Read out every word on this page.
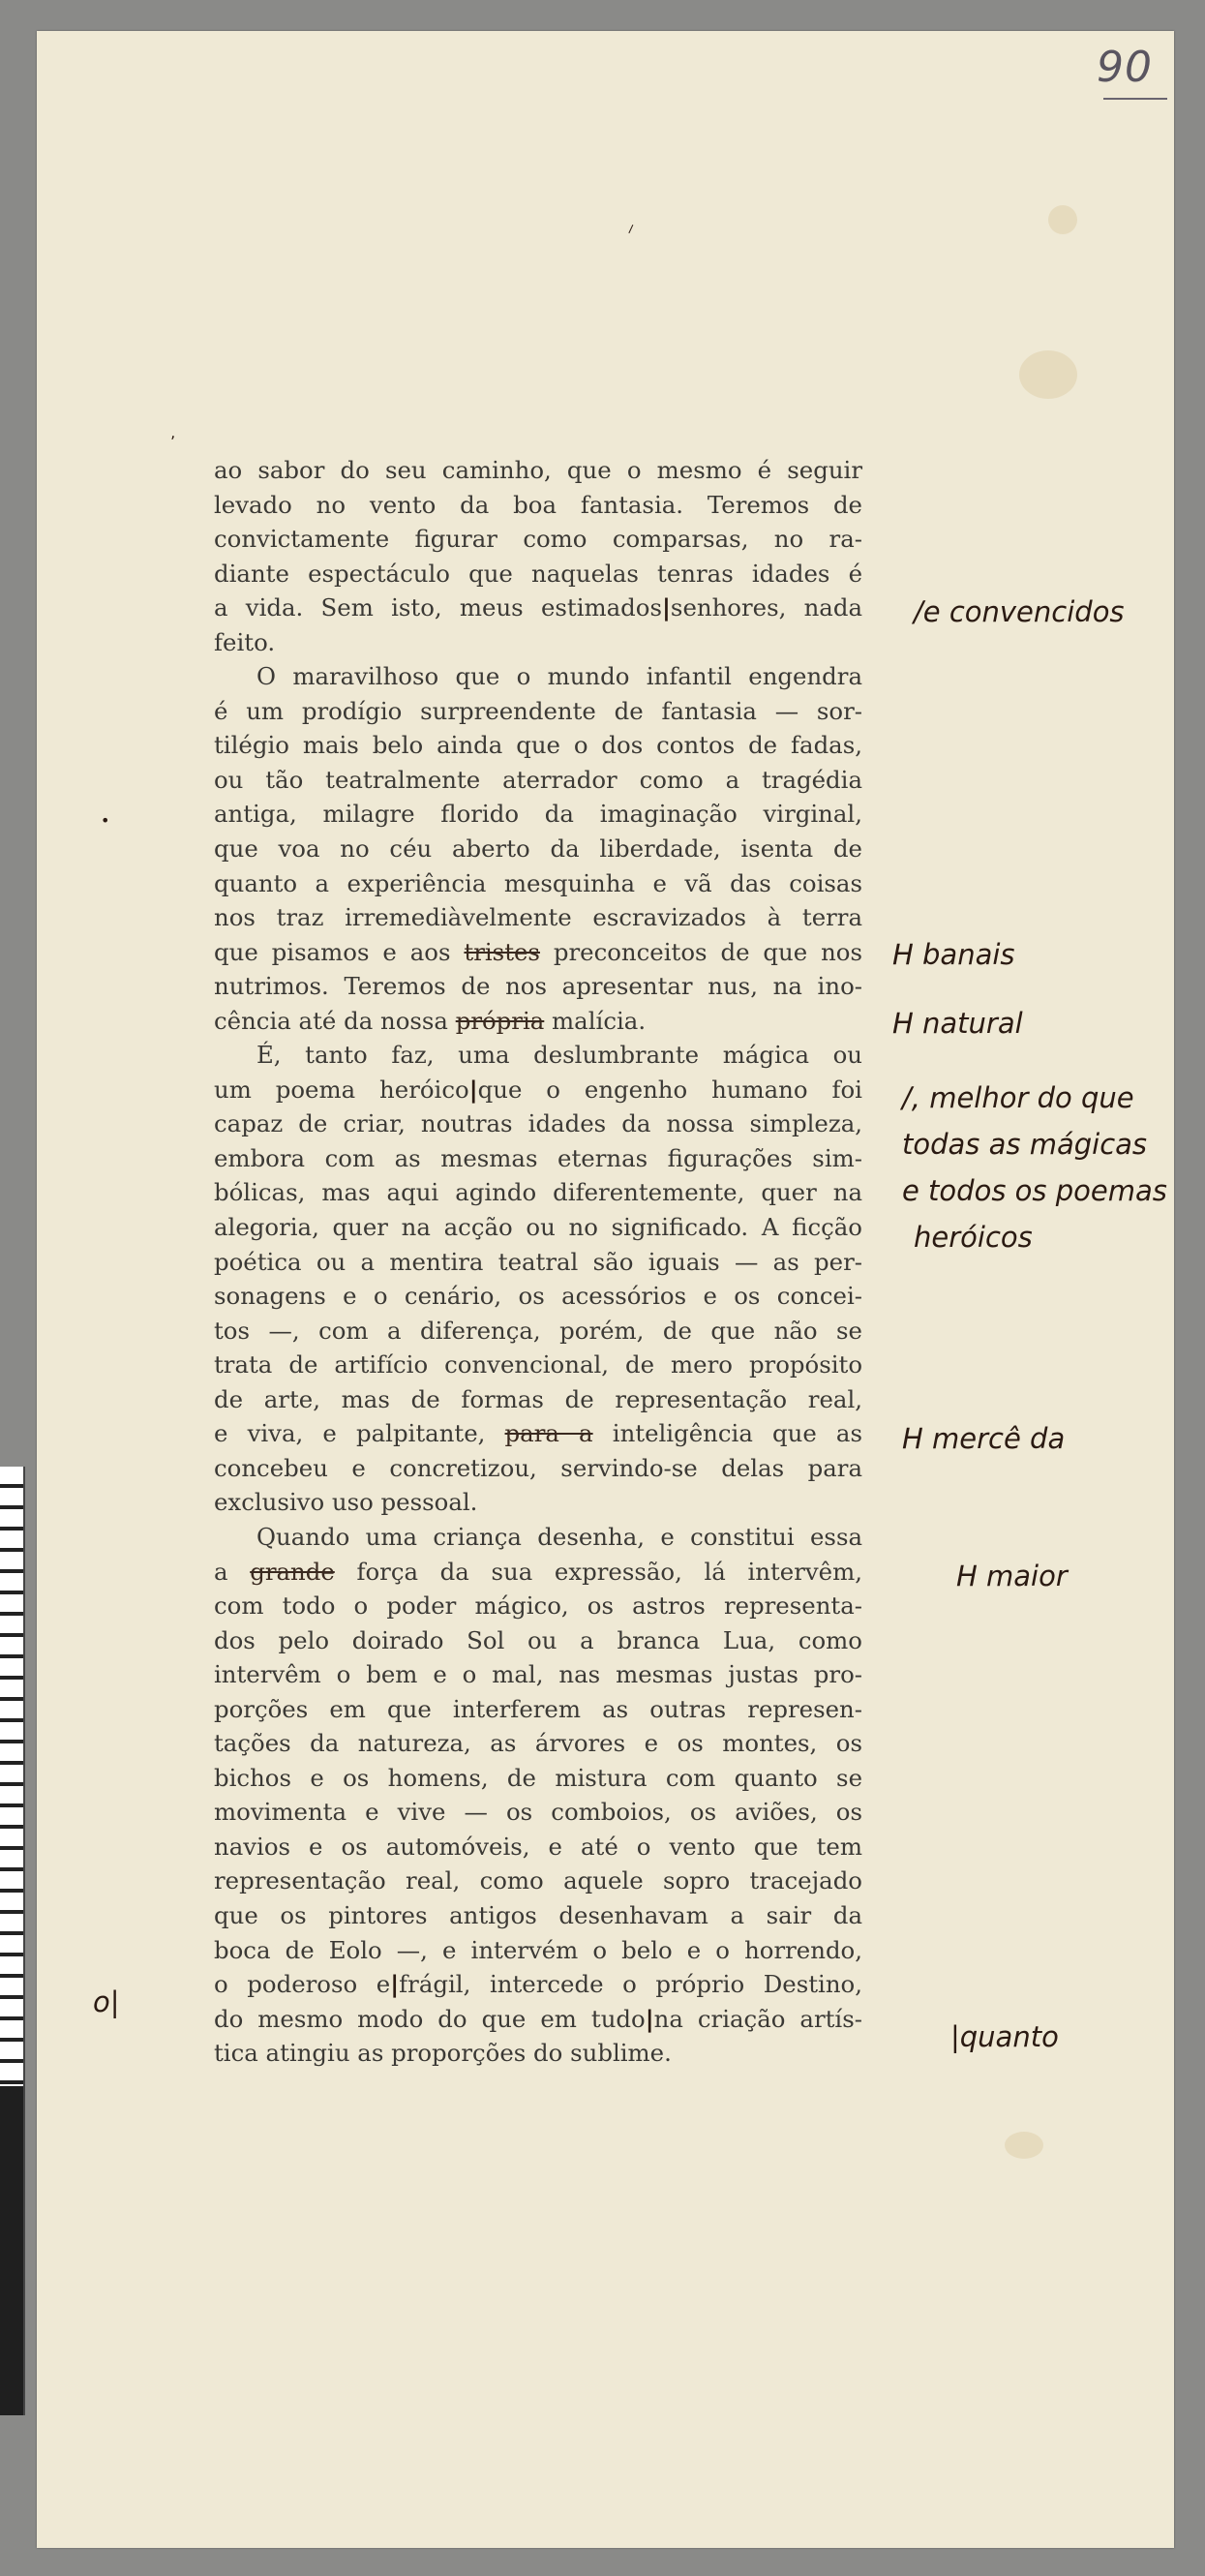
90
⸝
ʼ
•
ao sabor do seu caminho, que o mesmo é seguir
levado no vento da boa fantasia. Teremos de
convictamente figurar como comparsas, no ra-
diante espectáculo que naquelas tenras idades é
a vida. Sem isto, meus estimados|senhores, nada
feito.
O maravilhoso que o mundo infantil engendra
é um prodígio surpreendente de fantasia — sor-
tilégio mais belo ainda que o dos contos de fadas,
ou tão teatralmente aterrador como a tragédia
antiga, milagre florido da imaginação virginal,
que voa no céu aberto da liberdade, isenta de
quanto a experiência mesquinha e vã das coisas
nos traz irremediàvelmente escravizados à terra
que pisamos e aos tristes preconceitos de que nos
nutrimos. Teremos de nos apresentar nus, na ino-
cência até da nossa própria malícia.
É, tanto faz, uma deslumbrante mágica ou
um poema heróico|que o engenho humano foi
capaz de criar, noutras idades da nossa simpleza,
embora com as mesmas eternas figurações sim-
bólicas, mas aqui agindo diferentemente, quer na
alegoria, quer na acção ou no significado. A ficção
poética ou a mentira teatral são iguais — as per-
sonagens e o cenário, os acessórios e os concei-
tos —, com a diferença, porém, de que não se
trata de artifício convencional, de mero propósito
de arte, mas de formas de representação real,
e viva, e palpitante, para a inteligência que as
concebeu e concretizou, servindo-se delas para
exclusivo uso pessoal.
Quando uma criança desenha, e constitui essa
a grande força da sua expressão, lá intervêm,
com todo o poder mágico, os astros representa-
dos pelo doirado Sol ou a branca Lua, como
intervêm o bem e o mal, nas mesmas justas pro-
porções em que interferem as outras represen-
tações da natureza, as árvores e os montes, os
bichos e os homens, de mistura com quanto se
movimenta e vive — os comboios, os aviões, os
navios e os automóveis, e até o vento que tem
representação real, como aquele sopro tracejado
que os pintores antigos desenhavam a sair da
boca de Eolo —, e intervém o belo e o horrendo,
o poderoso e|frágil, intercede o próprio Destino,
do mesmo modo do que em tudo|na criação artís-
tica atingiu as proporções do sublime.
/e convencidos
H banais
H natural
/, melhor do que
todas as mágicas
e todos os poemas
heróicos
H mercê da
H maior
|quanto
o|
